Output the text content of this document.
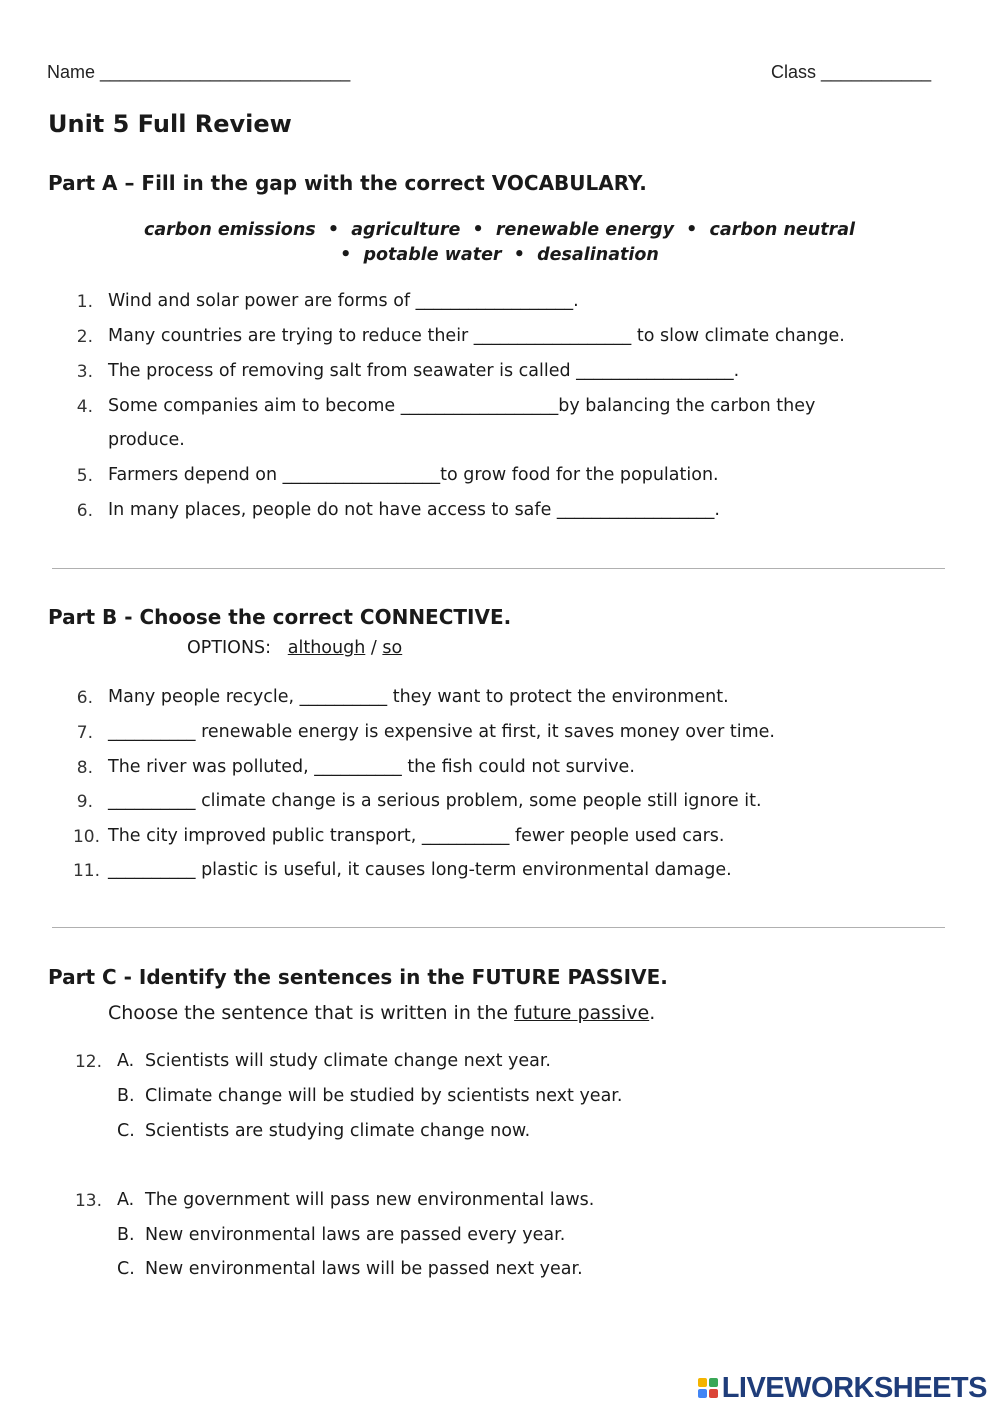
Name _________________________	Class ___________
Unit 5 Full Review
Part A – Fill in the gap with the correct VOCABULARY.
carbon emissions  •  agriculture  •  renewable energy  •  carbon neutral
•  potable water  •  desalination
1. Wind and solar power are forms of __________________.
2. Many countries are trying to reduce their __________________ to slow climate change.
3. The process of removing salt from seawater is called __________________.
4. Some companies aim to become __________________by balancing the carbon they
produce.
5. Farmers depend on __________________to grow food for the population.
6. In many places, people do not have access to safe __________________.
Part B - Choose the correct CONNECTIVE.
OPTIONS: although / so
6. Many people recycle, __________ they want to protect the environment.
7. __________ renewable energy is expensive at first, it saves money over time.
8. The river was polluted, __________ the fish could not survive.
9. __________ climate change is a serious problem, some people still ignore it.
10. The city improved public transport, __________ fewer people used cars.
11. __________ plastic is useful, it causes long-term environmental damage.
Part C - Identify the sentences in the FUTURE PASSIVE.
Choose the sentence that is written in the future passive.
12. A. Scientists will study climate change next year.
B. Climate change will be studied by scientists next year.
C. Scientists are studying climate change now.
13. A. The government will pass new environmental laws.
B. New environmental laws are passed every year.
C. New environmental laws will be passed next year.
LIVEWORKSHEETS
